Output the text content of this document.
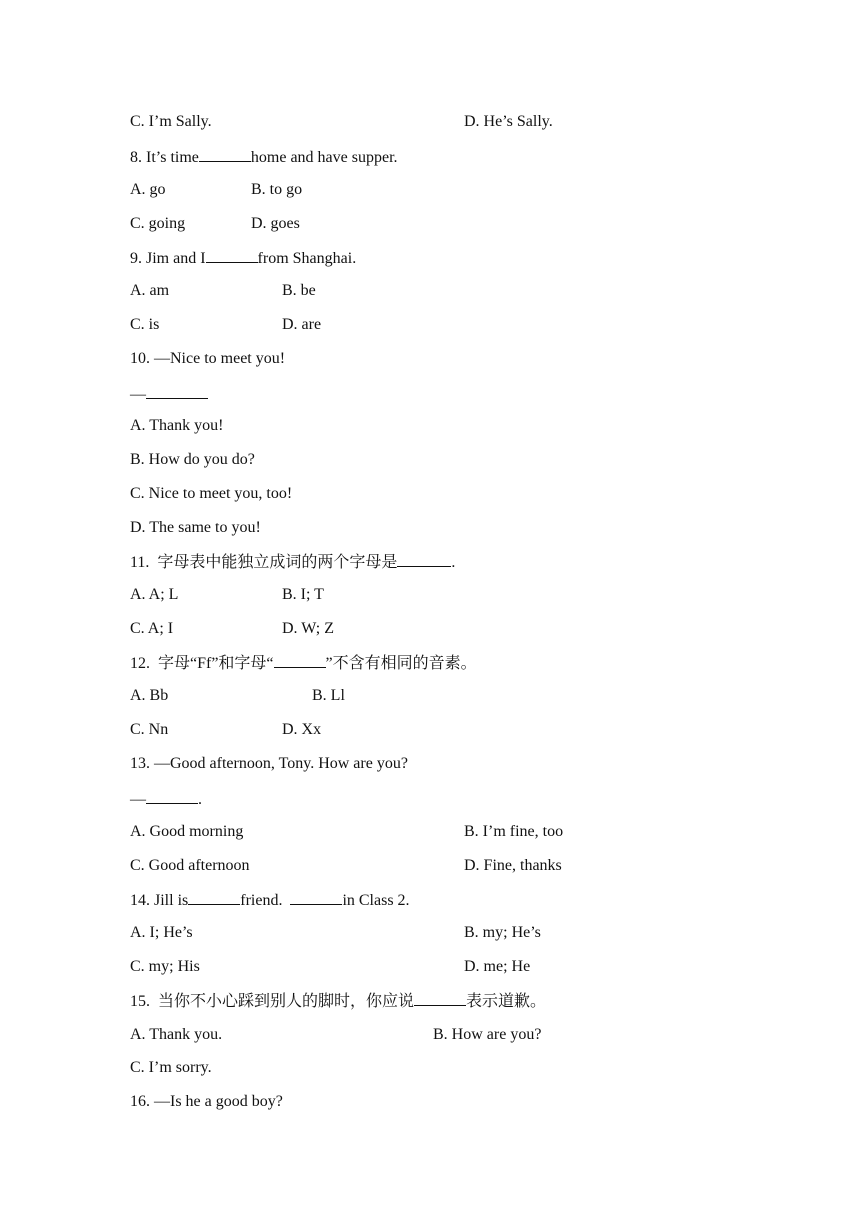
C. I’m Sally.	D. He’s Sally.
8. It’s time	home and have supper.
A. go	B. to go
C. going	D. goes
9. Jim and I	from Shanghai.
A. am	B. be
C. is	D. are
10. —Nice to meet you!
—
A. Thank you!
B. How do you do?
C. Nice to meet you, too!
D. The same to you!
11.  字母表中能独立成词的两个字母是	.
A. A; L	B. I; T
C. A; I	D. W; Z
12.  字母“Ff”和字母“	”不含有相同的音素。
A. Bb	B. Ll
C. Nn	D. Xx
13. —Good afternoon, Tony. How are you?
—	.
A. Good morning	B. I’m fine, too
C. Good afternoon	D. Fine, thanks
14. Jill is	friend.	in Class 2.
A. I; He’s	B. my; He’s
C. my; His	D. me; He
15.  当你不小心踩到别人的脚时，你应说	表示道歉。
A. Thank you.	B. How are you?
C. I’m sorry.
16. —Is he a good boy?
